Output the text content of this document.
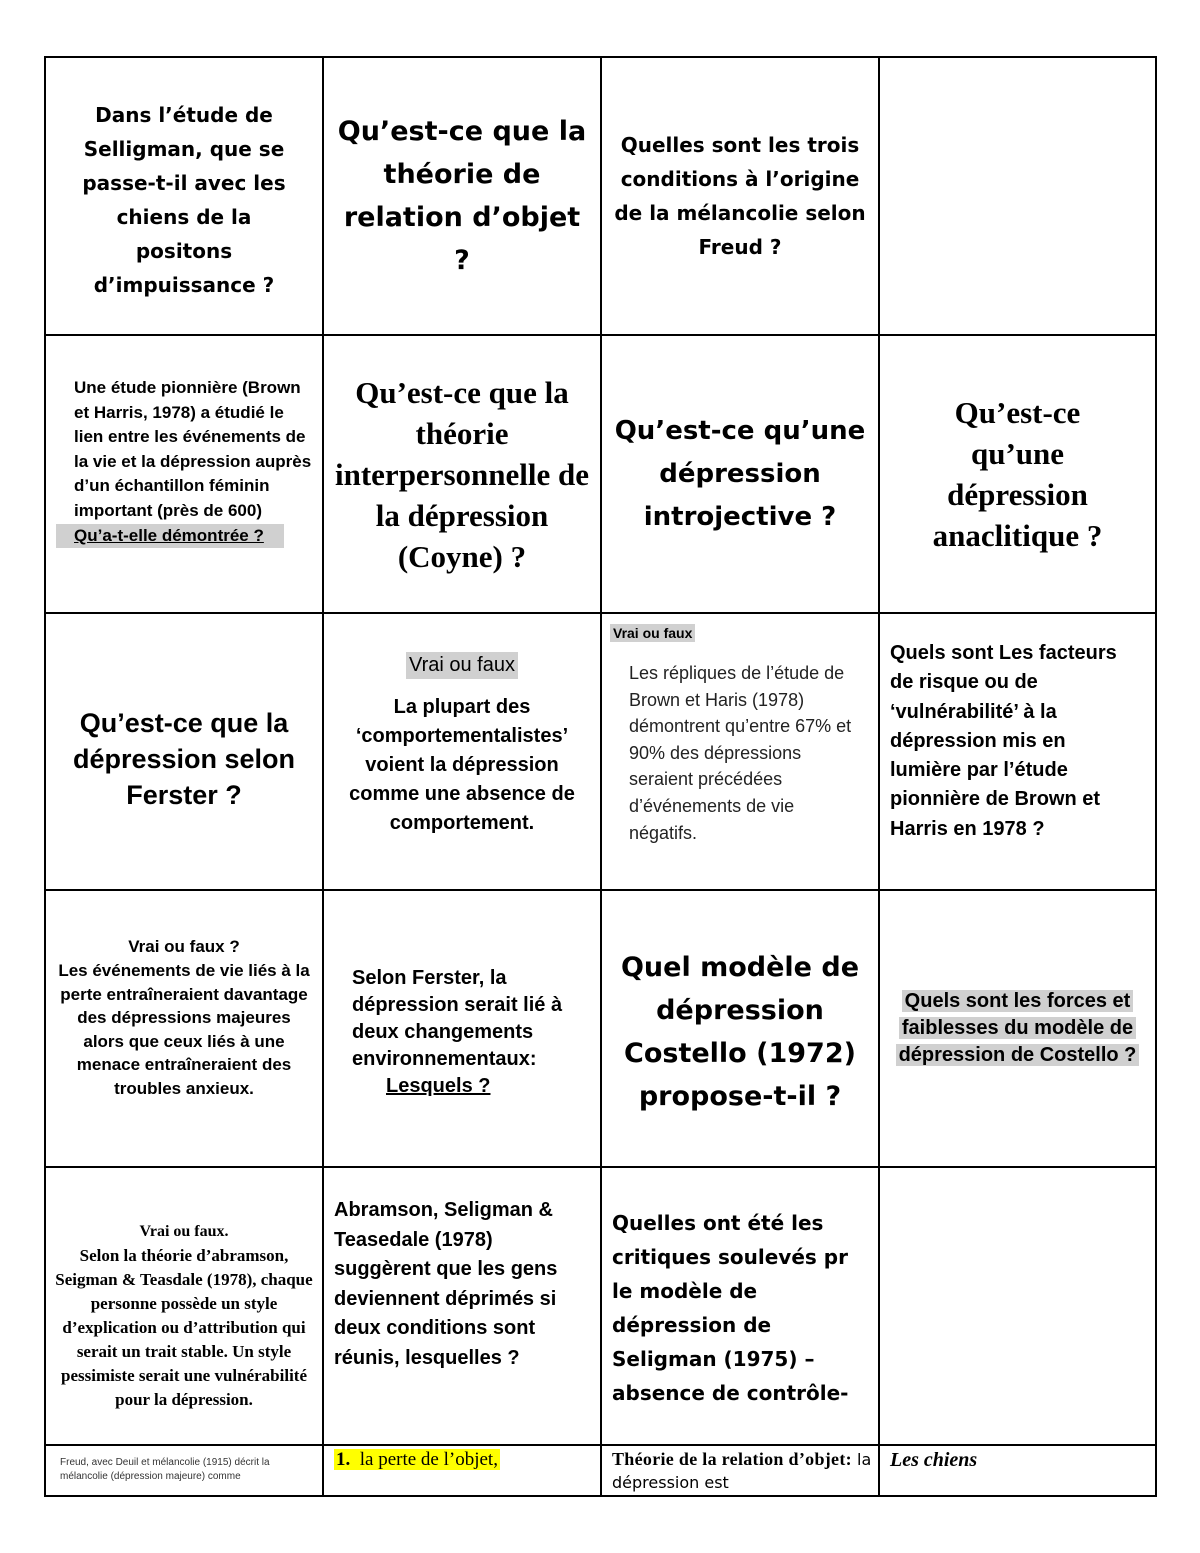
Dans l’étude de Selligman, que se passe-t-il avec les chiens de la positons d’impuissance ?

Qu’est-ce que la théorie de relation d’objet ?

Quelles sont les trois conditions à l’origine de la mélancolie selon Freud ?

Une étude pionnière (Brown et Harris, 1978) a étudié le lien entre les événements de la vie et la dépression auprès d’un échantillon féminin important (près de 600)

Qu’a-t-elle démontrée ?

Qu’est-ce que la théorie interpersonnelle de la dépression (Coyne) ?

Qu’est-ce qu’une dépression introjective ?

Qu’est-ce qu’une dépression anaclitique ?

Qu’est-ce que la dépression selon Ferster ?

Vrai ou faux

La plupart des ‘comportementalistes’ voient la dépression comme une absence de comportement.

Vrai ou faux

Les répliques de l’étude de Brown et Haris (1978) démontrent qu’entre 67% et 90% des dépressions seraient précédées d’événements de vie négatifs.

Quels sont Les facteurs de risque ou de ‘vulnérabilité’ à la dépression mis en lumière par l’étude pionnière de Brown et Harris en 1978 ?

Vrai ou faux ?

Les événements de vie liés à la perte entraîneraient davantage des dépressions majeures alors que ceux liés à une menace entraîneraient des troubles anxieux.

Selon Ferster, la dépression serait lié à deux changements environnementaux:

Lesquels ?

Quel modèle de dépression Costello (1972) propose-t-il ?

Quels sont les forces et faiblesses du modèle de dépression de Costello ?

Vrai ou faux.

Selon la théorie d’abramson, Seigman & Teasdale (1978), chaque personne possède un style d’explication ou d’attribution qui serait un trait stable. Un style pessimiste serait une vulnérabilité pour la dépression.

Abramson, Seligman & Teasedale (1978) suggèrent que les gens deviennent déprimés si deux conditions sont réunis, lesquelles ?

Quelles ont été les critiques soulevés pr le modèle de dépression de Seligman (1975) – absence de contrôle-

Freud, avec Deuil et mélancolie (1915) décrit la mélancolie (dépression majeure) comme

1. la perte de l’objet,	Théorie de la relation d’objet: la dépression est

Les chiens
